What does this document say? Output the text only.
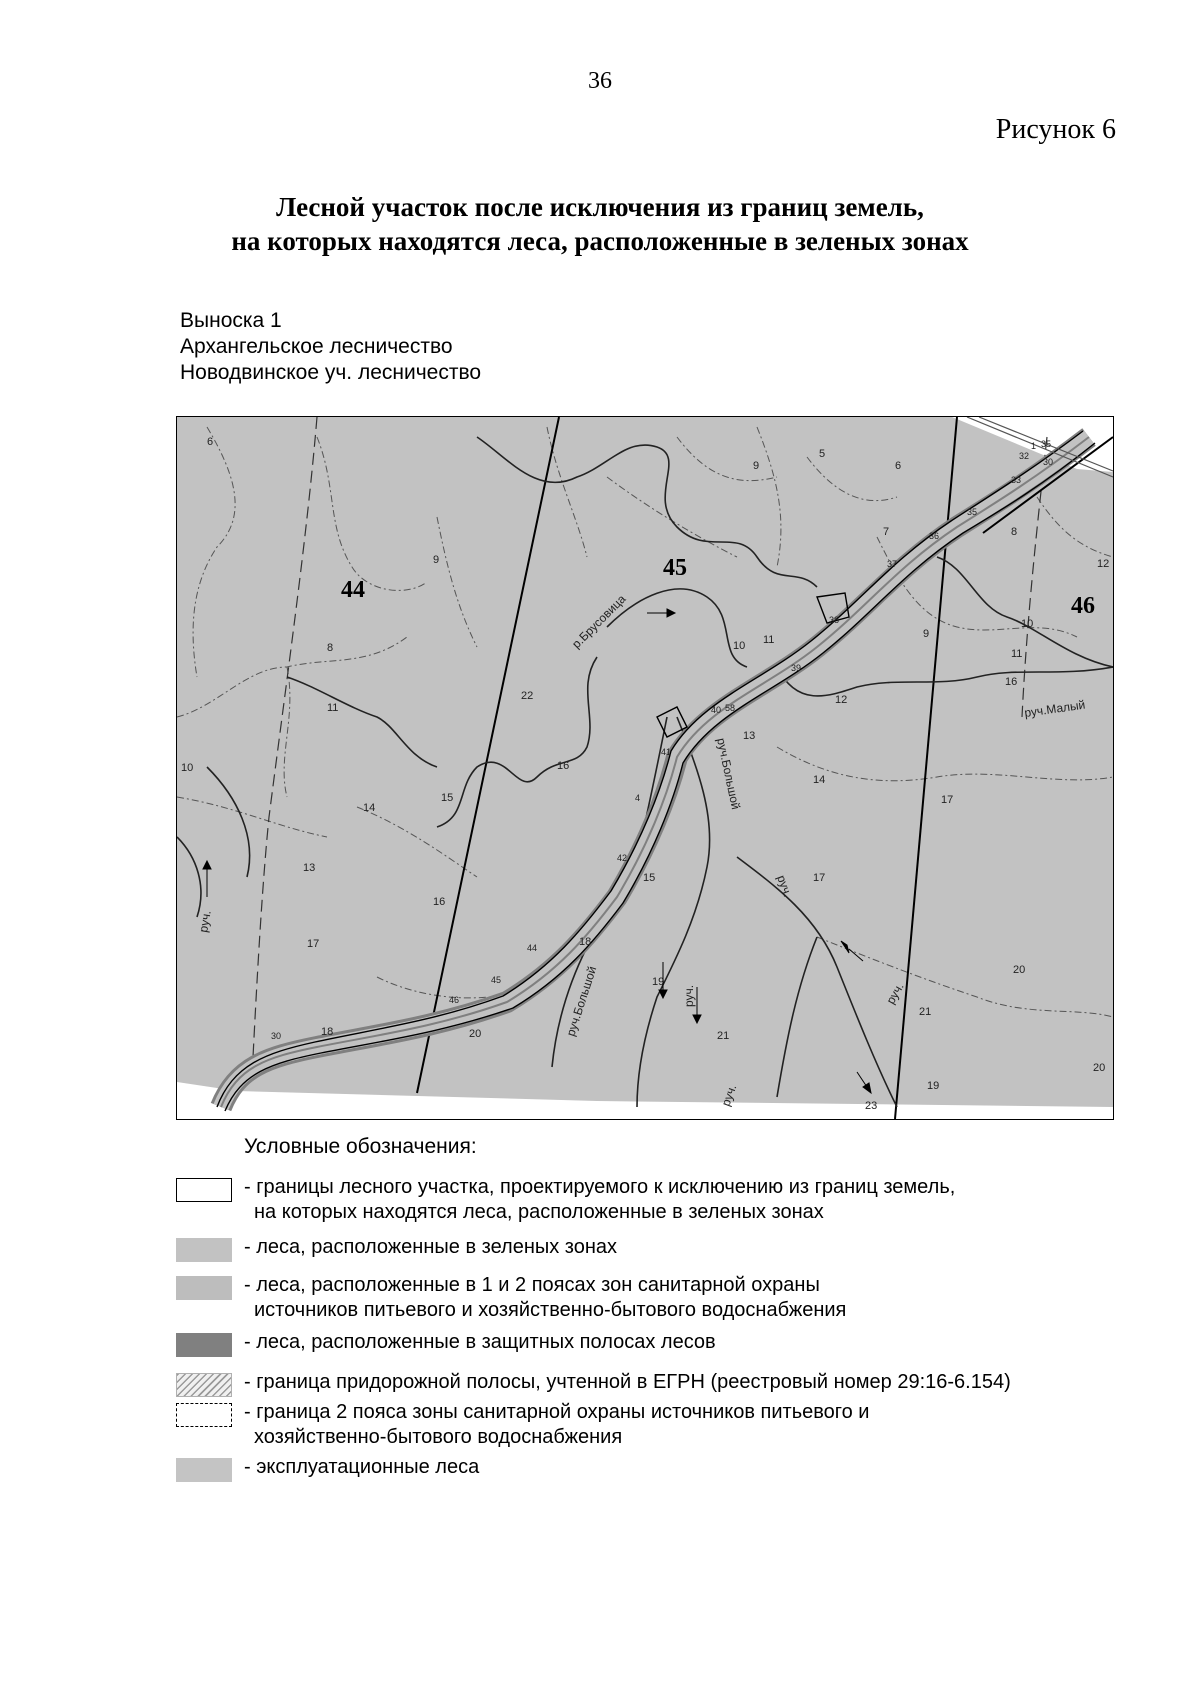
36
Рисунок 6
Лесной участок после исключения из границ земель,
на которых находятся леса, расположенные в зеленых зонах
Выноска 1
Архангельское лесничество
Новодвинское уч. лесничество
44
45
46
р.Брусовица
руч.Малый
руч.Большой
руч.Большой
руч.
руч.
руч.
руч.
руч.
6
9
8
11
10
14
15
13
16
17
18	20
22
16
15
18
19
21
9
5
6
7	8
10 11
12
13
14
17
20
9
10
11
12
16
17
20
19
23
21
1
32
35
30
33
35
36
37
38
39
40 58
41
4
42
44
45
46
30
Условные обозначения:
- границы лесного участка, проектируемого к исключению из границ земель,
на которых находятся леса, расположенные в зеленых зонах
- леса, расположенные в зеленых зонах
- леса, расположенные в 1 и 2 поясах зон санитарной охраны
источников питьевого и хозяйственно-бытового водоснабжения
- леса, расположенные в защитных полосах лесов
- граница придорожной полосы, учтенной в ЕГРН (реестровый номер 29:16-6.154)
- граница 2 пояса зоны санитарной охраны источников питьевого и
хозяйственно-бытового водоснабжения
- эксплуатационные леса
